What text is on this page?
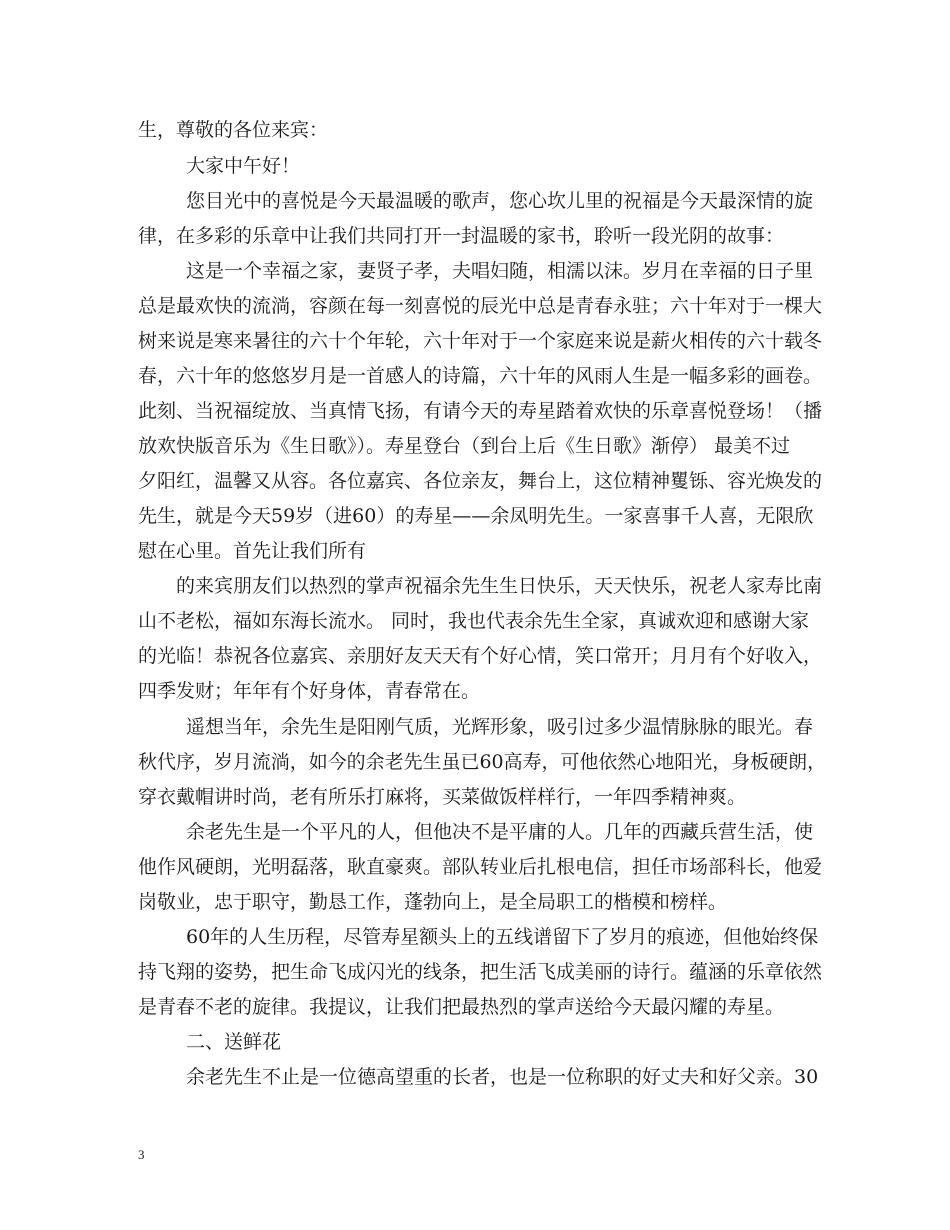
生，尊敬的各位来宾：

大家中午好！

您目光中的喜悦是今天最温暖的歌声，您心坎儿里的祝福是今天最深情的旋

律，在多彩的乐章中让我们共同打开一封温暖的家书，聆听一段光阴的故事：

这是一个幸福之家，妻贤子孝，夫唱妇随，相濡以沫。岁月在幸福的日子里

总是最欢快的流淌，容颜在每一刻喜悦的辰光中总是青春永驻；六十年对于一棵大

树来说是寒来暑往的六十个年轮，六十年对于一个家庭来说是薪火相传的六十载冬

春，六十年的悠悠岁月是一首感人的诗篇，六十年的风雨人生是一幅多彩的画卷。

此刻、当祝福绽放、当真情飞扬，有请今天的寿星踏着欢快的乐章喜悦登场！（播

放欢快版音乐为《生日歌》）。寿星登台（到台上后《生日歌》渐停） 最美不过

夕阳红，温馨又从容。各位嘉宾、各位亲友，舞台上，这位精神矍铄、容光焕发的

先生，就是今天59岁（进60）的寿星——余凤明先生。一家喜事千人喜，无限欣

慰在心里。首先让我们所有

的来宾朋友们以热烈的掌声祝福余先生生日快乐，天天快乐，祝老人家寿比南

山不老松，福如东海长流水。 同时，我也代表余先生全家，真诚欢迎和感谢大家

的光临！恭祝各位嘉宾、亲朋好友天天有个好心情，笑口常开；月月有个好收入，

四季发财；年年有个好身体，青春常在。

遥想当年，余先生是阳刚气质，光辉形象，吸引过多少温情脉脉的眼光。春

秋代序，岁月流淌，如今的余老先生虽已60高寿，可他依然心地阳光，身板硬朗，

穿衣戴帽讲时尚，老有所乐打麻将，买菜做饭样样行，一年四季精神爽。

余老先生是一个平凡的人，但他决不是平庸的人。几年的西藏兵营生活，使

他作风硬朗，光明磊落，耿直豪爽。部队转业后扎根电信，担任市场部科长，他爱

岗敬业，忠于职守，勤恳工作，蓬勃向上，是全局职工的楷模和榜样。

60年的人生历程，尽管寿星额头上的五线谱留下了岁月的痕迹，但他始终保

持飞翔的姿势，把生命飞成闪光的线条，把生活飞成美丽的诗行。蕴涵的乐章依然

是青春不老的旋律。我提议，让我们把最热烈的掌声送给今天最闪耀的寿星。

二、送鲜花

余老先生不止是一位德高望重的长者，也是一位称职的好丈夫和好父亲。30

3
